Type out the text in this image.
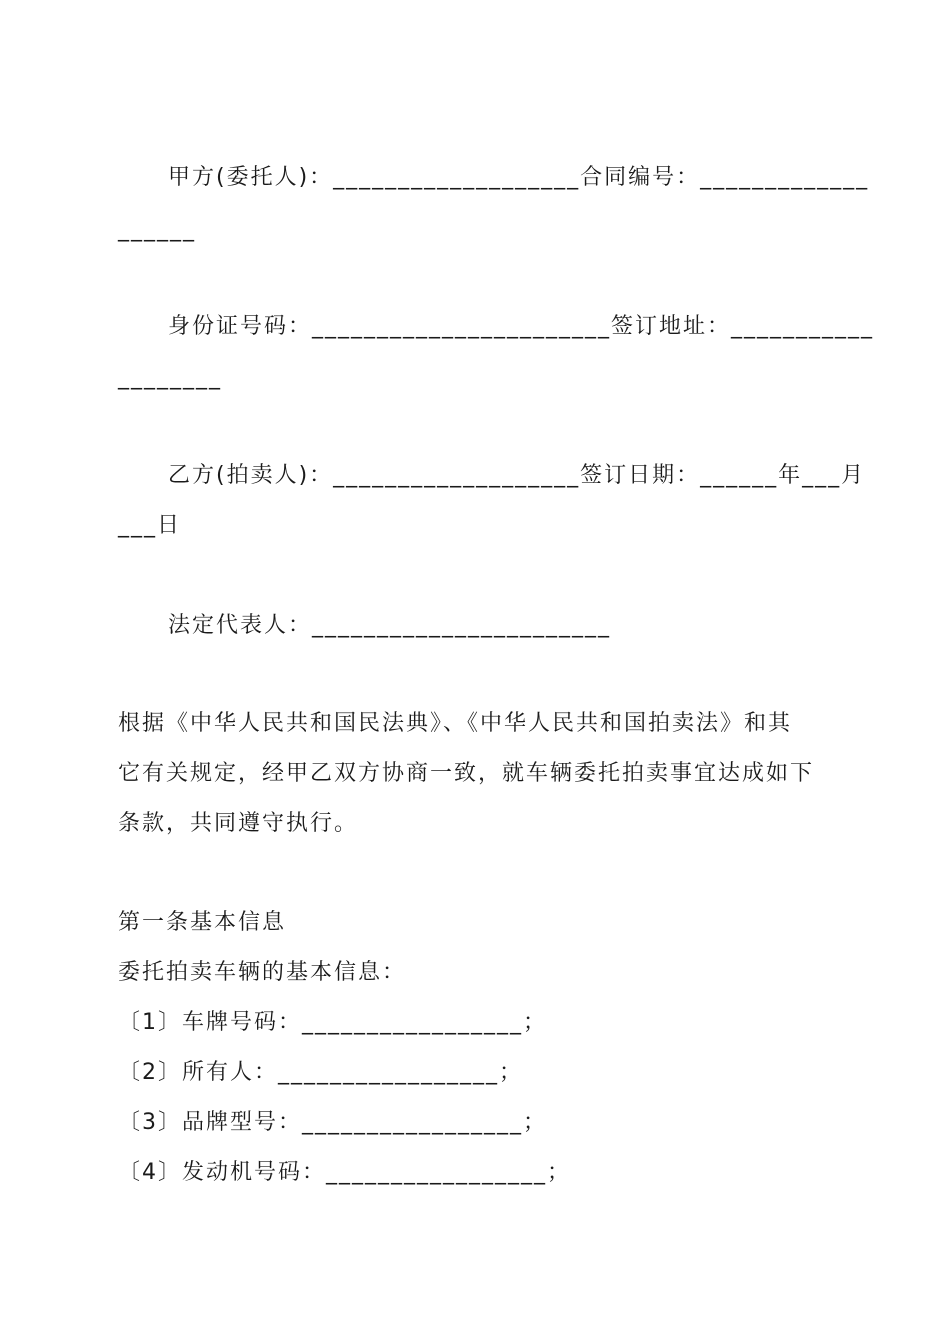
甲方(委托人)：___________________合同编号：_____________
______
身份证号码：_______________________签订地址：___________
________
乙方(拍卖人)：___________________签订日期：______年___月
___日
法定代表人：_______________________
根据《中华人民共和国民法典》、《中华人民共和国拍卖法》和其
它有关规定，经甲乙双方协商一致，就车辆委托拍卖事宜达成如下
条款，共同遵守执行。
第一条基本信息
委托拍卖车辆的基本信息：
〔1〕车牌号码：_________________；
〔2〕所有人：_________________；
〔3〕品牌型号：_________________；
〔4〕发动机号码：_________________；
